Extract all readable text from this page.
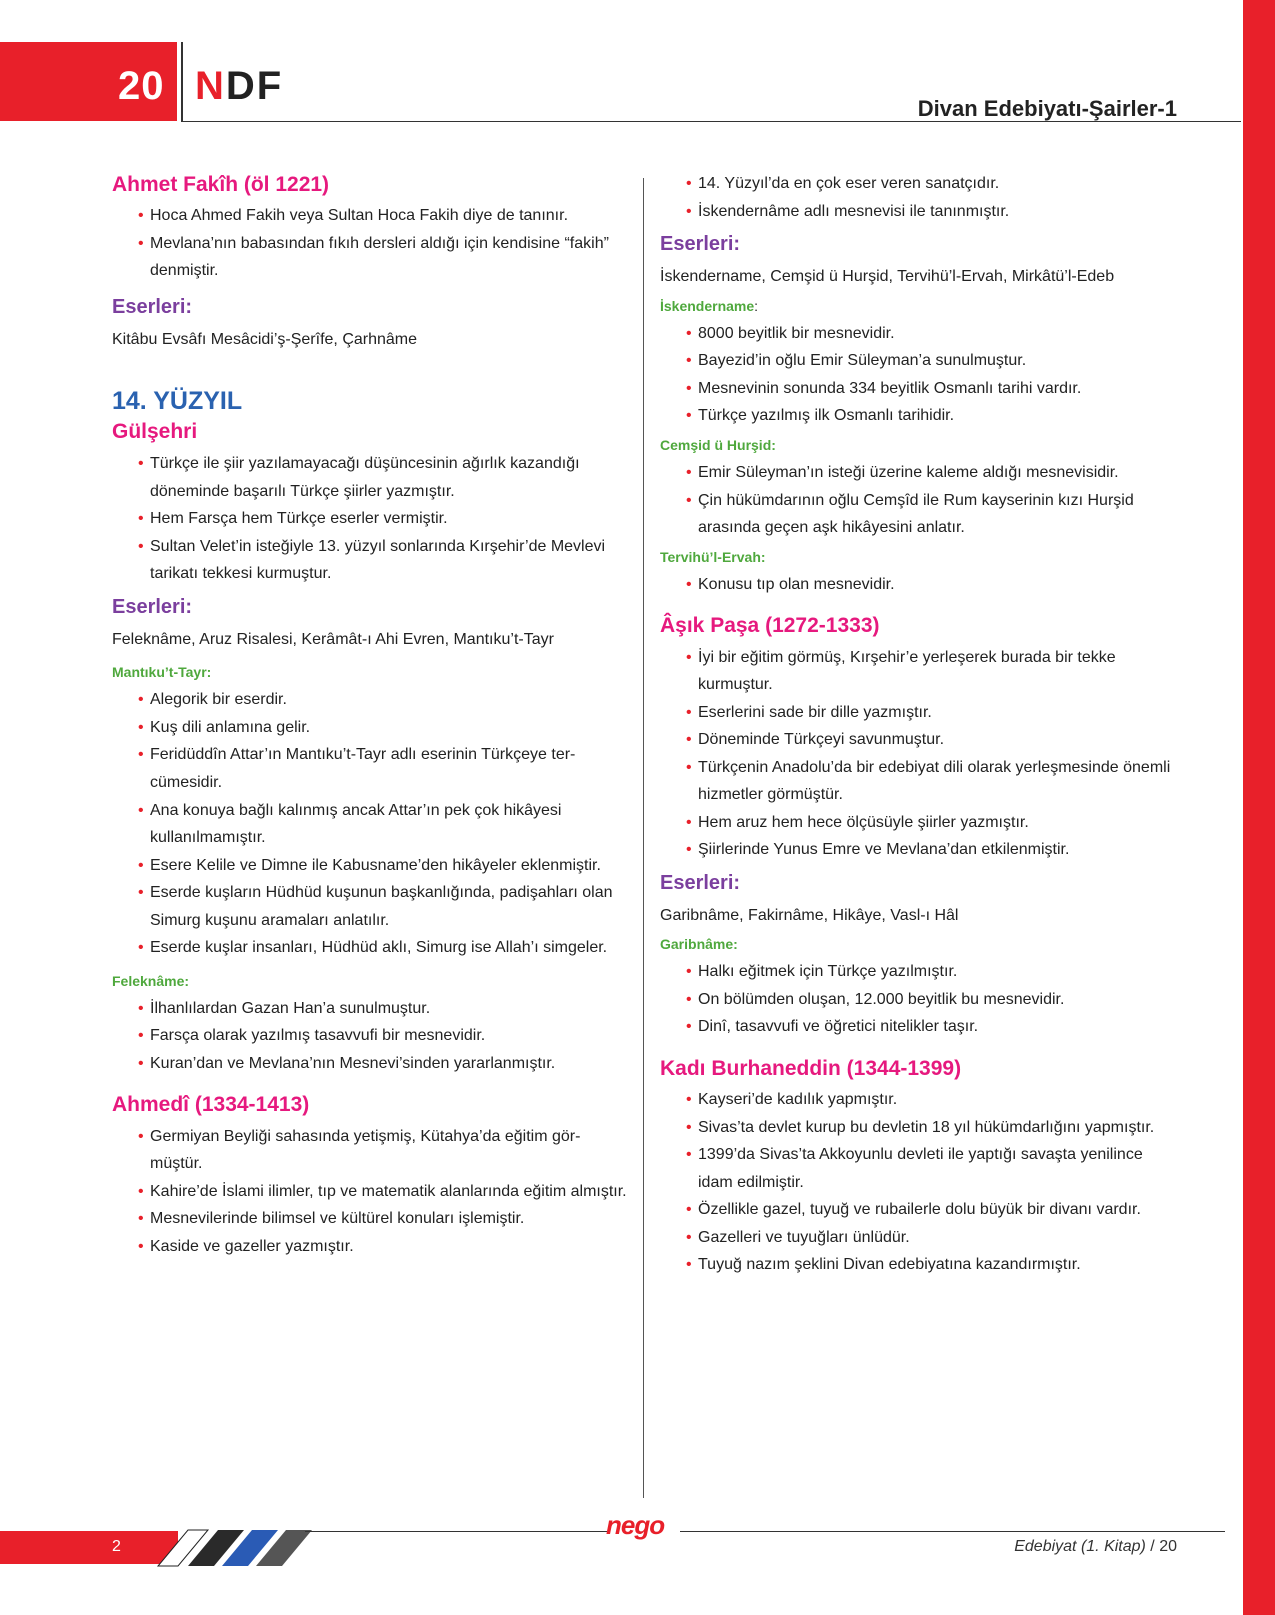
20 NDF
Divan Edebiyatı-Şairler-1
Ahmet Fakîh (öl 1221)
• Hoca Ahmed Fakih veya Sultan Hoca Fakih diye de tanınır.
• Mevlana’nın babasından fıkıh dersleri aldığı için kendisine “fakih” denmiştir.
Eserleri:

Kitâbu Evsâfı Mesâcidi’ş-Şerîfe, Çarhnâme

14. YÜZYIL
Gülşehri
• Türkçe ile şiir yazılamayacağı düşüncesinin ağırlık kazandığı döneminde başarılı Türkçe şiirler yazmıştır.
• Hem Farsça hem Türkçe eserler vermiştir.
• Sultan Velet’in isteğiyle 13. yüzyıl sonlarında Kırşehir’de Mevlevi tarikatı tekkesi kurmuştur.
Eserleri:

Feleknâme, Aruz Risalesi, Kerâmât-ı Ahi Evren, Mantıku’t-Tayr

Mantıku’t-Tayr:
• Alegorik bir eserdir.
• Kuş dili anlamına gelir.
• Feridüddîn Attar’ın Mantıku’t-Tayr adlı eserinin Türkçeye tercümesidir.
• Ana konuya bağlı kalınmış ancak Attar’ın pek çok hikâyesi kullanılmamıştır.
• Esere Kelile ve Dimne ile Kabusname’den hikâyeler eklenmiştir.
• Eserde kuşların Hüdhüd kuşunun başkanlığında, padişahları olan Simurg kuşunu aramaları anlatılır.
• Eserde kuşlar insanları, Hüdhüd aklı, Simurg ise Allah’ı simgeler.
Feleknâme:
• İlhanlılardan Gazan Han’a sunulmuştur.
• Farsça olarak yazılmış tasavvufi bir mesnevidir.
• Kuran’dan ve Mevlana’nın Mesnevi’sinden yararlanmıştır.
Ahmedî (1334-1413)
• Germiyan Beyliği sahasında yetişmiş, Kütahya’da eğitim görmüştür.
• Kahire’de İslami ilimler, tıp ve matematik alanlarında eğitim almıştır.
• Mesnevilerinde bilimsel ve kültürel konuları işlemiştir.
• Kaside ve gazeller yazmıştır.
• 14. Yüzyıl’da en çok eser veren sanatçıdır.
• İskendernâme adlı mesnevisi ile tanınmıştır.
Eserleri:

İskendername, Cemşid ü Hurşid, Tervihü’l-Ervah, Mirkâtü’l-Edeb

İskendername:
• 8000 beyitlik bir mesnevidir.
• Bayezid’in oğlu Emir Süleyman’a sunulmuştur.
• Mesnevinin sonunda 334 beyitlik Osmanlı tarihi vardır.
• Türkçe yazılmış ilk Osmanlı tarihidir.
Cemşid ü Hurşid:
• Emir Süleyman’ın isteği üzerine kaleme aldığı mesnevisidir.
• Çin hükümdarının oğlu Cemşîd ile Rum kayserinin kızı Hurşid arasında geçen aşk hikâyesini anlatır.
Tervihü’l-Ervah:
• Konusu tıp olan mesnevidir.
Âşık Paşa (1272-1333)
• İyi bir eğitim görmüş, Kırşehir’e yerleşerek burada bir tekke kurmuştur.
• Eserlerini sade bir dille yazmıştır.
• Döneminde Türkçeyi savunmuştur.
• Türkçenin Anadolu’da bir edebiyat dili olarak yerleşmesinde önemli hizmetler görmüştür.
• Hem aruz hem hece ölçüsüyle şiirler yazmıştır.
• Şiirlerinde Yunus Emre ve Mevlana’dan etkilenmiştir.
Eserleri:

Garibnâme, Fakirnâme, Hikâye, Vasl-ı Hâl

Garibnâme:
• Halkı eğitmek için Türkçe yazılmıştır.
• On bölümden oluşan, 12.000 beyitlik bu mesnevidir.
• Dinî, tasavvufi ve öğretici nitelikler taşır.
Kadı Burhaneddin (1344-1399)
• Kayseri’de kadılık yapmıştır.
• Sivas’ta devlet kurup bu devletin 18 yıl hükümdarlığını yapmıştır.
• 1399’da Sivas’ta Akkoyunlu devleti ile yaptığı savaşta yenilince idam edilmiştir.
• Özellikle gazel, tuyuğ ve rubailerle dolu büyük bir divanı vardır.
• Gazelleri ve tuyuğları ünlüdür.
• Tuyuğ nazım şeklini Divan edebiyatına kazandırmıştır.
2
nego
Edebiyat (1. Kitap) / 20
